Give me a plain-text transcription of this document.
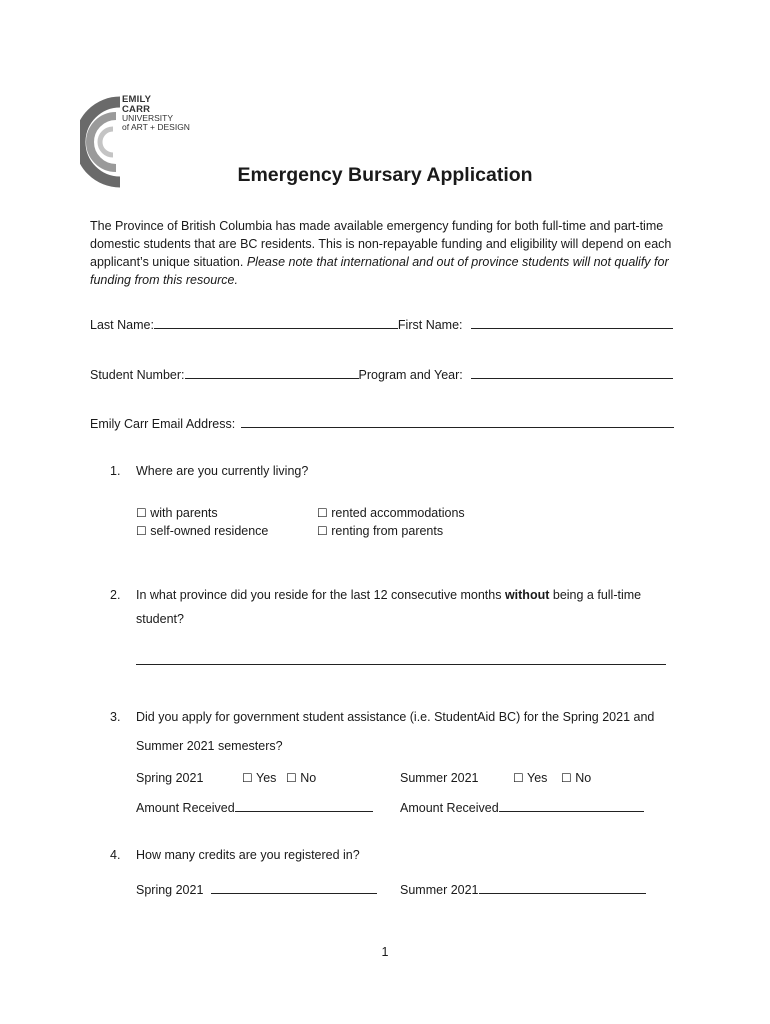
EMILY
CARR
UNIVERSITY
of ART + DESIGN
Emergency Bursary Application
The Province of British Columbia has made available emergency funding for both full-time and part-time domestic students that are BC residents. This is non-repayable funding and eligibility will depend on each applicant’s unique situation. Please note that international and out of province students will not qualify for funding from this resource.
Last Name:	First Name:
Student Number:	Program and Year:
Emily Carr Email Address:
1. Where are you currently living?
☐ with parents	☐ rented accommodations
☐ self-owned residence	☐ renting from parents
2. In what province did you reside for the last 12 consecutive months without being a full-time
student?
3. Did you apply for government student assistance (i.e. StudentAid BC) for the Spring 2021 and
Summer 2021 semesters?
Spring 2021	☐ Yes ☐ No	Summer 2021	☐ Yes ☐ No
Amount Received	Amount Received
4. How many credits are you registered in?
Spring 2021	Summer 2021
1
